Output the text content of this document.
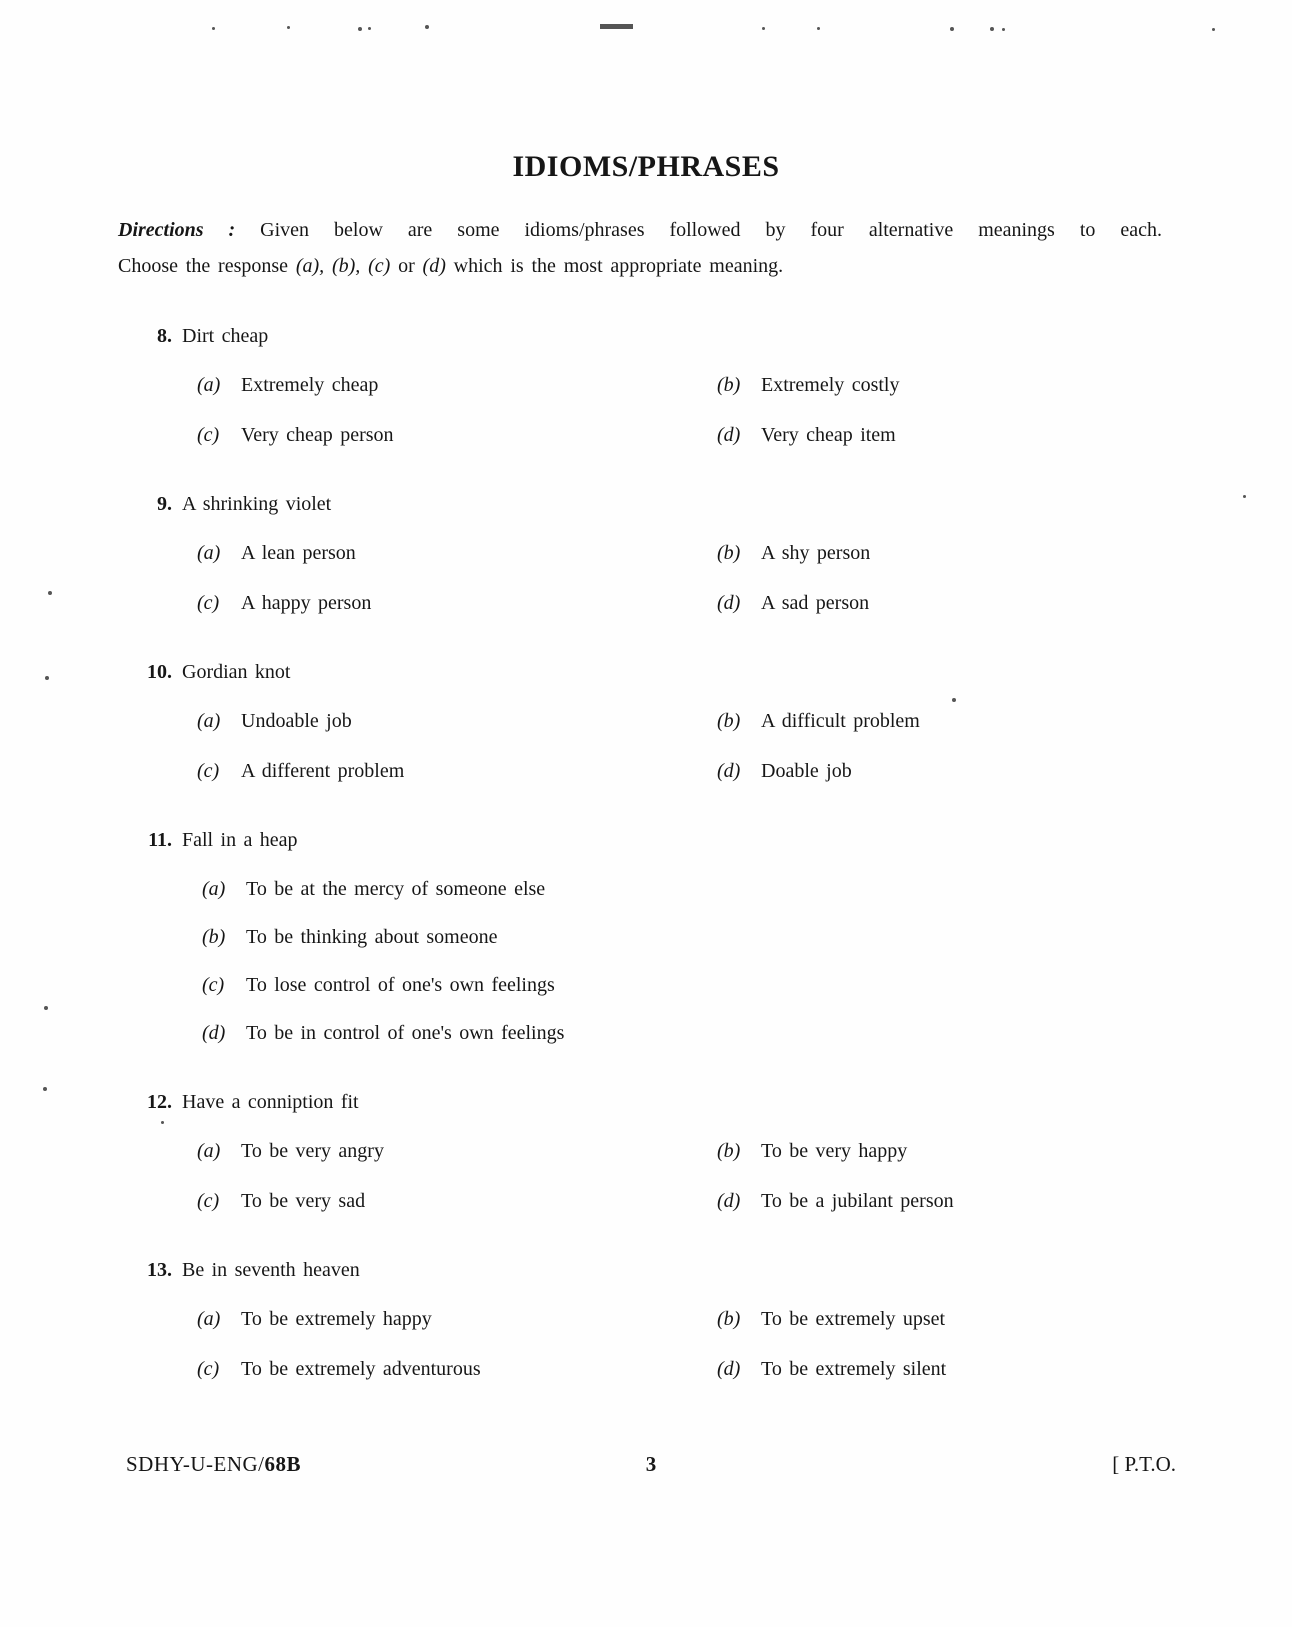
IDIOMS/PHRASES
Directions : Given below are some idioms/phrases followed by four alternative meanings to each.
Choose the response (a), (b), (c) or (d) which is the most appropriate meaning.
8. Dirt cheap
(a) Extremely cheap	(b) Extremely costly
(c) Very cheap person	(d) Very cheap item
9. A shrinking violet
(a) A lean person	(b) A shy person
(c) A happy person	(d) A sad person
10. Gordian knot
(a) Undoable job	(b) A difficult problem
(c) A different problem	(d) Doable job
11. Fall in a heap
(a) To be at the mercy of someone else
(b) To be thinking about someone
(c) To lose control of one's own feelings
(d) To be in control of one's own feelings
12. Have a conniption fit
(a) To be very angry	(b) To be very happy
(c) To be very sad	(d) To be a jubilant person
13. Be in seventh heaven
(a) To be extremely happy	(b) To be extremely upset
(c) To be extremely adventurous	(d) To be extremely silent
SDHY-U-ENG/68B	3	[ P.T.O.
